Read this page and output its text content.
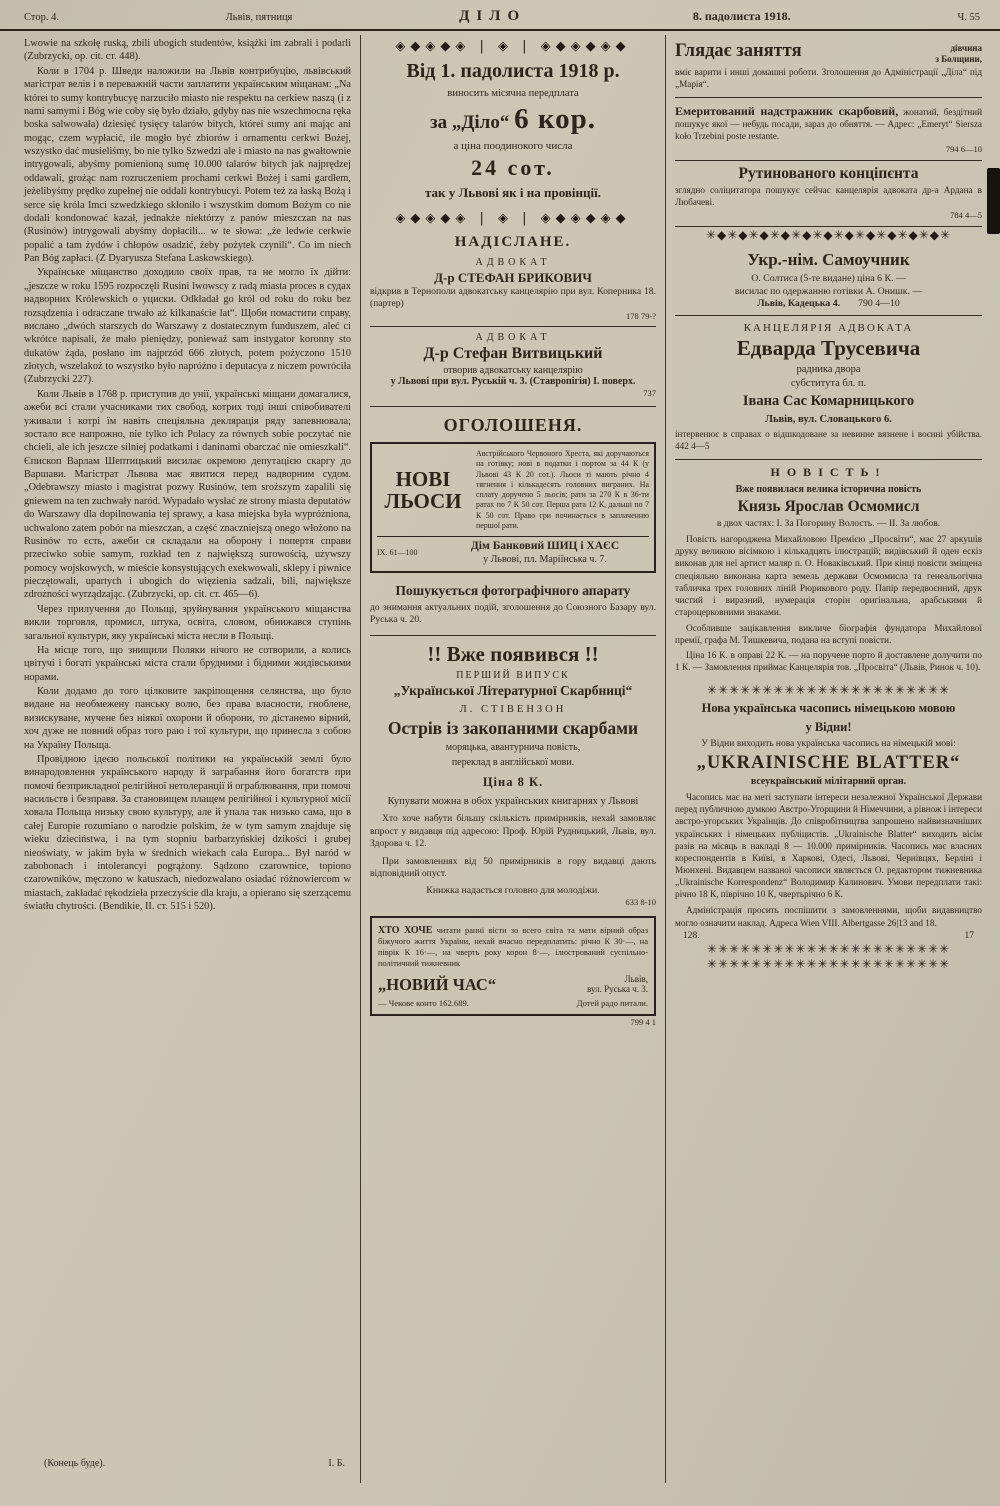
Стор. 4.	Львів, пятниця	ДІЛО	8. падолиста 1918.	Ч. 55

Lwowie na szkołę ruską, zbili ubogich studentów, książki im zabrali i podarli (Zubrzycki, op. cit. ст. 448).

Коли в 1704 р. Шведи наложили на Львів контрибуцію, львівський магістрат велів і в переважній части заплатити українським міщанам: „Na którei to sumy kontrybucyę narzuciło miasto nie respektu na cerkiew naszą (i z nami samymi i Bóg wie coby się było działo, gdyby nas nie wszechmocna ręka boska salwowała) dziesięć tysięcy talarów bitych, którei sumy ani mając ani mogąc, czem wypłacić, ile mogło być zbiorów i ornamentu cerkwi Bożej, wszystko dać musieliśmy, bo nie tylko Szwedzi ale i miasto na nas gwałtownie intrygowali, abyśmy pomienioną sumę 10.000 talarów bitych jak najprędzej oddawali, grożąc nam rozruczeniem prochami cerkwi Bożej i sami gardłem, jeżelibyśmy prędko zupełnej nie oddali kontrybucyi. Potem też za łaską Bożą i serce się króla Imci szwedzkiego skłoniło i wszystkim domom Bożym co nie dodali kondonować kazał, jednakże niektórzy z panów mieszczan na nas (Rusinów) intrygowali abyśmy dopłacili... w te słowa: „że ledwie cerkwie popalić a tam żydów i chłopów osadzić, żeby pożytek czynili“. Co im niech Pan Bóg zapłaci. (Z Dyaryusza Stefana Laskowskiego).

Українське міщанство доходило своїх прав, та не могло їх дійти: „jeszcze w roku 1595 rozpoczęli Rusini lwowscy z radą miasta proces в судах надворних Królewskich о уциски. Odkładał go król od roku do roku bez rozsądzenia i odraczane trwało aż kilkanaście lat“. Щоби помастити справу, вислано „dwóch starszych do Warszawy z dostatecznym funduszem, aleć ci wkrótce napisali, że mało pieniędzy, ponieważ sam instygator koronny sto dukatów żąda, posłano im najprzód 666 złotych, potem pożyczono 1510 złotych, wszelakoż to wszystko było napróżno i deputacya z niczem powróciła (Zubrzycki 227).

Коли Львів в 1768 р. приступив до унії, українські міщани домагалися, ажеби всі стали учасниками тих свобод, котрих тоді інші співобивателі уживали і котрі їм навіть спеціяльна деклярація ряду запевнювала; зостало все напрожно, nie tylko ich Polacy za równych sobie poczytać nie chcieli, ale ich jeszcze silniej podatkami i daninami obarczać nie omieszkali“. Єпископ Варлам Шептицький висилає окремою депутацією скаргу до Варшави. Магістрат Львова має явитися перед надворним судом. „Odebrawszy miasto i magistrat pozwy Rusinów, tem sroższym zapalili się gniewem na ten zuchwały naród. Wypadało wysłać ze strony miasta deputatów do Warszawy dla dopilnowania tej sprawy, a kasa miejska była wypróżniona, uchwalono zatem pobór na mieszczan, a część znaczniejszą onego włożono na Rusinów то єсть, ажеби ся складали на оборону і попертя справи przeciwko sobie samym, rozkład ten z największą surowością, używszy pomocy wojskowych, w mieście konsystujących exekwowali, sklepy i piwnice pieczętowali, upartych i ubogich do więzienia sadzali, bili, największe zdrożności wyrządzając. (Zubrzycki, op. cit. ст. 465—6).

Через прилучення до Польщі, зруйнування українського міщанства викли торговля, промисл, штука, освіта, словом, обнижався ступінь загальної культури, яку українські міста несли в Польщі.

На місце того, що знищили Поляки нічого не сотворили, а колись цвітучі і богаті українські міста стали брудними і бідними жидівськими норами.

Коли додамо до того цілковите закріпощення селянства, що було видане на необмежену панську волю, без права власности, гноблене, визискуване, мучене без ніякої охорони й оборони, то дістанемо вірний, хоч дуже не повний образ того раю і тої культури, що принесла з собою на Україну Польща.

Провідною ідеєю польської політики на українській землі було винародовлення українського народу й заграбання його богатств при помочі безприкладної релігійної нетолеранції й ограблювання, при помочі насильств і безправя. За становищем плащем релігійної і культурної місії ховала Польща низьку свою культуру, але й упала так низько сама, що в całej Europie rozumiano o narodzie polskim, że w tym samym znajduje się wieku dzieciństwa, i na tym stopniu barbarzyńskiej dzikości i grubej nieoświaty, w jakim była w średnich wiekach cała Europa... Był naród w zabobonach i intolerancyi pogrążony. Sądzono czarownice, topiono czarowników, męczono w katuszach, niedozwalano osiadać różnowiercom w miastach, zakładać rękodzieła przeczyście dla kraju, a opierano się szerzącemu światłu chytrości. (Bendikie, II. ст. 515 і 520).

(Конець буде).	І. Б.
◈◆◈◆◈ | ◈ | ◈◆◈◆◈◆
Від 1. падолиста 1918 р.
виносить місячна передплата
за „Діло“ 6 кор.
а ціна поодинокого числа
24 сот.
так у Львові як і на провінції.
◈◆◈◆◈ | ◈ | ◈◆◈◆◈◆
НАДІСЛАНЕ.
АДВОКАТ
Д-р СТЕФАН БРИКОВИЧ
відкрив в Тернополи адвокатську канцелярію при вул. Коперника 18. (партер)
178 79-?
АДВОКАТ
Д-р Стефан Витвицький
отворив адвокатську канцелярію
у Львові при вул. Руській ч. 3. (Ставропігія) І. поверх.
737
ОГОЛОШЕНЯ.
НОВІ
ЛЬОСИ
Австрійського Червоного Хреста, які доручаються на готівку; нові в податки і портом за 44 К (у Львові 43 К 20 сот.). Льоси ті мають річно 4 тягнення і кількадесять головних виграних. На сплату доручено 5 льосів; рати за 270 К в 36-ти ратах по 7 К 50 сот. Перша рата 12 К, дальші по 7 К 50 сот. Право гри починається в заплаченню першої рати.
IX. 61—100
Дім Банковий ШИЦ і ХАЄС
у Львові, пл. Маріїнська ч. 7.
Пошукується фотографічного апарату
до знимання актуальних подій, зголошення до Союзного Базару вул. Руська ч. 20.
!! Вже появився !!
ПЕРШИЙ ВИПУСК
„Української Літературної Скарбниці“
Л. СТІВЕНЗОН
Острів із закопаними скарбами
моряцька, авантурнича повість,
переклад в англійської мови.
Ціна 8 К.
Купувати можна в обох українських книгарнях у Львові
Хто хоче набути більшу скількість примірників, нехай замовляє впрост у видавця під адресою: Проф. Юрій Рудницький, Львів, вул. Здорова ч. 12.
При замовленнях від 50 примірників в гору видавці дають відповідний опуст.
Книжка надається головно для молодіжи.
633 8-10
ХТО ХОЧЕ читати ранні вісти зо всего світа та мати вірний образ біжучого життя України, нехай вчасно передплатить: річно К 30·—, на піврік К 16·—, на чверть року корон 8·—, ілюстрований суспільно-політичний тижневник
„НОВИЙ ЧАС“	Львів,
вул. Руська ч. 3.
— Чекове конто 162.689.	Дотей радо питали.
799 4 1
Глядає заняття	дівчина
з Болщини,
вміє варити і инші домашні роботи. Зголошення до Адміністрації „Діла“ під „Марія“.
Емеритований надстражник скарбовий, жонатий, бездітний пошукує якої — небудь посади, зараз до обняття. — Адрес: „Emeryt“ Siersza koło Trzebini poste restante.
794 6—10
Рутинованого конціпєнта
зглядно соліцитатора пошукує сейчас канцелярія адвоката др-а Ардана в Любачеві.
784 4—5
✳◆✳◆✳◆✳◆✳◆✳◆✳◆✳◆✳◆✳◆✳◆✳
Укр.-нім. Самоучник
О. Солтиса (5-те видане) ціна 6 К. —
висилає по одержанню готівки А. Онишк. —
Львів, Кадецька 4. 790 4—10
КАНЦЕЛЯРІЯ АДВОКАТА
Едварда Трусевича
радника двора
субститута бл. п.
Івана Сас Комарницького
Львів, вул. Словацького 6.
інтервенює в справах о відшкодоване за невинне вязнене і воєнні убійства. 442 4—5
НОВІСТЬ!
Вже появилася велика історична повість
Князь Ярослав Осмомисл
в двох частях: І. За Погорину Волость. — ІІ. За любов.

Повість нагороджена Михайловою Премією „Просвіти“, має 27 аркушів друку великою вісімкою і кількадцять ілюстрацій; видівський й оден ескіз виконав для неї артист маляр п. О. Новаківський. При кінці повісти зміщена спеціяльно виконана карта земель держави Осмомисла та генеальогічна табличка трех головних ліній Рюрикового роду. Папір передвоєнний, друк чистий і виразний, нумерація сторін оригінальна, арабськими й староцерковними знаками.

Особливше зацікавлення викличе біографія фундатора Михайлової премії, графа М. Тишкевича, подана на вступі повісти.

Ціна 16 К. в оправі 22 К. — на поручене порто й доставлене долучити по 1 К. — Замовлення приймає Канцелярія тов. „Просвіта“ (Львів, Ринок ч. 10).

✳✳✳✳✳✳✳✳✳✳✳✳✳✳✳✳✳✳✳✳✳✳
Нова українська часопись німецькою мовою
у Відни!
У Відни виходить нова українська часопись на німецькій мові:
„UKRAINISCHE BLATTER“
всеукраїнський мілітарний орган.

Часопись має на меті заступати інтереси незалежної Української Держави перед публичною думкою Австро-Угорщини й Німеччини, а рівнож і інтереси австро-угорських Українців. До співробітництва запрошено найвизначніших українських і німецьких публіцистів. „Ukrainische Blatter“ виходить вісім разів на місяць в накладі 8 — 10.000 примірників. Часопись має власних кореспондентів в Київі, в Харкові, Одесі, Львові, Чернівцях, Берліні і Мюнхені. Видавцем названої часописи являється О. редактором тижневника „Ukrainische Korrespondenz“ Володимир Калинович. Умови передплати такі: річно 18 К, піврічно 10 К, чвертьрічно 6 К.

Адміністрація просить поспішити з замовленнями, щоби видавництво могло означити наклад. Адреса Wien VIII. Albertgasse 26|13 and 18.

128.	17
✳✳✳✳✳✳✳✳✳✳✳✳✳✳✳✳✳✳✳✳✳✳
✳✳✳✳✳✳✳✳✳✳✳✳✳✳✳✳✳✳✳✳✳✳
